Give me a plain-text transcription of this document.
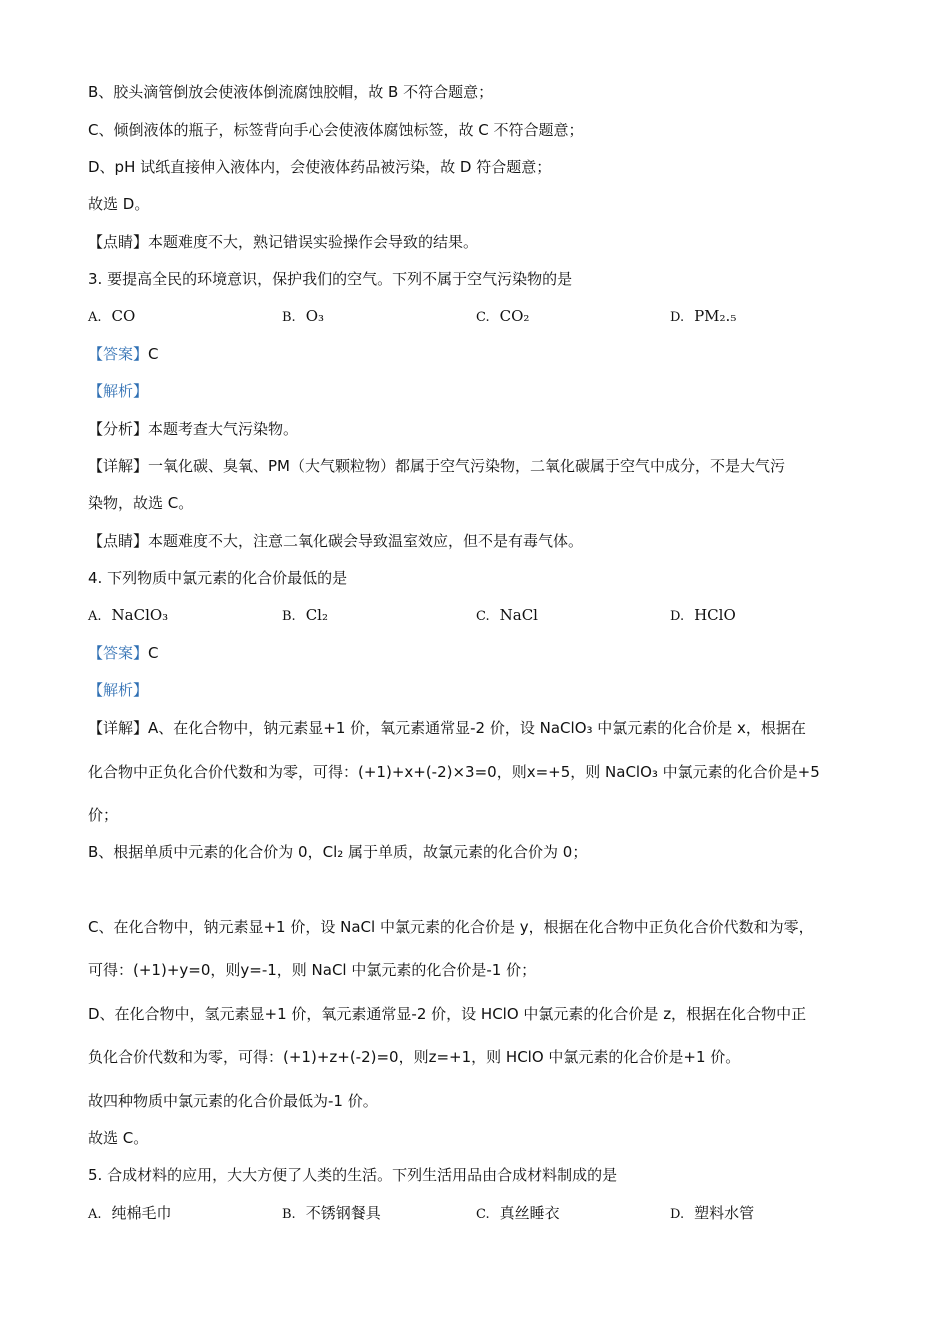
B、胶头滴管倒放会使液体倒流腐蚀胶帽，故 B 不符合题意；
C、倾倒液体的瓶子，标签背向手心会使液体腐蚀标签，故 C 不符合题意；
D、pH 试纸直接伸入液体内，会使液体药品被污染，故 D 符合题意；
故选 D。
【点睛】本题难度不大，熟记错误实验操作会导致的结果。
3. 要提高全民的环境意识，保护我们的空气。下列不属于空气污染物的是
A. CO	B. O₃	C. CO₂	D. PM₂.₅
【答案】C
【解析】
【分析】本题考查大气污染物。
【详解】一氧化碳、臭氧、PM（大气颗粒物）都属于空气污染物，二氧化碳属于空气中成分，不是大气污
染物，故选 C。
【点睛】本题难度不大，注意二氧化碳会导致温室效应，但不是有毒气体。
4. 下列物质中氯元素的化合价最低的是
A. NaClO₃	B. Cl₂	C. NaCl	D. HClO
【答案】C
【解析】
【详解】A、在化合物中，钠元素显+1 价，氧元素通常显-2 价，设 NaClO₃ 中氯元素的化合价是 x，根据在
化合物中正负化合价代数和为零，可得：(+1)+x+(-2)×3=0，则x=+5，则 NaClO₃ 中氯元素的化合价是+5
价；
B、根据单质中元素的化合价为 0，Cl₂ 属于单质，故氯元素的化合价为 0；
C、在化合物中，钠元素显+1 价，设 NaCl 中氯元素的化合价是 y，根据在化合物中正负化合价代数和为零，
可得：(+1)+y=0，则y=-1，则 NaCl 中氯元素的化合价是-1 价；
D、在化合物中，氢元素显+1 价，氧元素通常显-2 价，设 HClO 中氯元素的化合价是 z，根据在化合物中正
负化合价代数和为零，可得：(+1)+z+(-2)=0，则z=+1，则 HClO 中氯元素的化合价是+1 价。
故四种物质中氯元素的化合价最低为-1 价。
故选 C。
5. 合成材料的应用，大大方便了人类的生活。下列生活用品由合成材料制成的是
A. 纯棉毛巾	B. 不锈钢餐具	C. 真丝睡衣	D. 塑料水管
